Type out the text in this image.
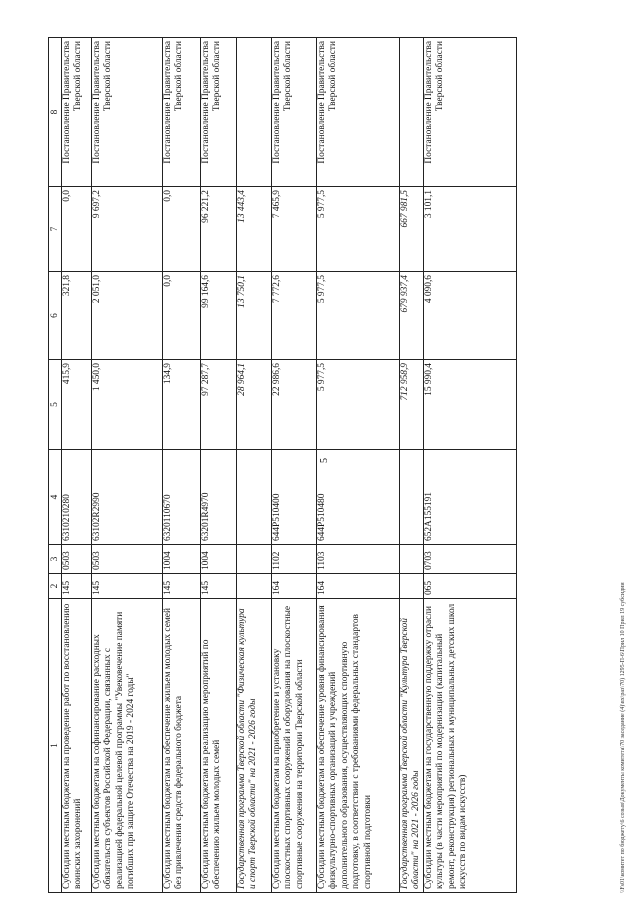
5
1	2	3	4	5	6	7	8
Субсидии местным бюджетам на проведение работ по восстановлению воинских захоронений	145	0503	631021028​0	415,9	321,8	0,0	Постановление Правительства Тверской области
Субсидии местным бюджетам на софинансирование расходных обязательств субъектов Российской Федерации, связанных с реализацией федеральной целевой программы "Увековечение памяти погибших при защите Отечества на 2019 - 2024 годы"	145	0503	63102R2990	1 450,0	2 051,0	9 697,2	Постановление Правительства Тверской области
Субсидии местным бюджетам на обеспечение жильем молодых семей без привлечения средств федерального бюджета	145	1004	6320110670	134,9	0,0	0,0	Постановление Правительства Тверской области
Субсидии местным бюджетам на реализацию мероприятий по обеспечению жильем молодых семей	145	1004	63201R4970	97 287,7	99 164,6	96 221,2	Постановление Правительства Тверской области
Государственная программа Тверской области "Физическая культура и спорт Тверской области" на 2021 - 2026 годы				28 964,1	13 750,1	13 443,4	
Субсидии местным бюджетам на приобретение и установку плоскостных спортивных сооружений и оборудования на плоскостные спортивные сооружения на территории Тверской области	164	1102	644P510400	22 986,6	7 772,6	7 465,9	Постановление Правительства Тверской области
Субсидии местным бюджетам на обеспечение уровня финансирования физкультурно-спортивных организаций и учреждений дополнительного образования, осуществляющих спортивную подготовку, в соответствии с требованиями федеральных стандартов спортивной подготовки	164	1103	644P510480	5 977,5	5 977,5	5 977,5	Постановление Правительства Тверской области
Государственная программа Тверской области "Культура Тверской области" на 2021 - 2026 годы				712 958,9	679 937,4	667 981,5	
Субсидии местным бюджетам на государственную поддержку отрасли культуры (в части мероприятий по модернизации (капитальный ремонт, реконструкция) региональных и муниципальных детских школ искусств по видам искусств)	065	0703	652A155191	15 990,4	4 090,6	3 101,1	Постановление Правительства Тверской области
\\Fs01\комитет по бюджету\6 созыв\Документы комитета\70 заседание (4)\вх\раз\70) 1295-П-6\Прил 10 Прил 19 субсидии
